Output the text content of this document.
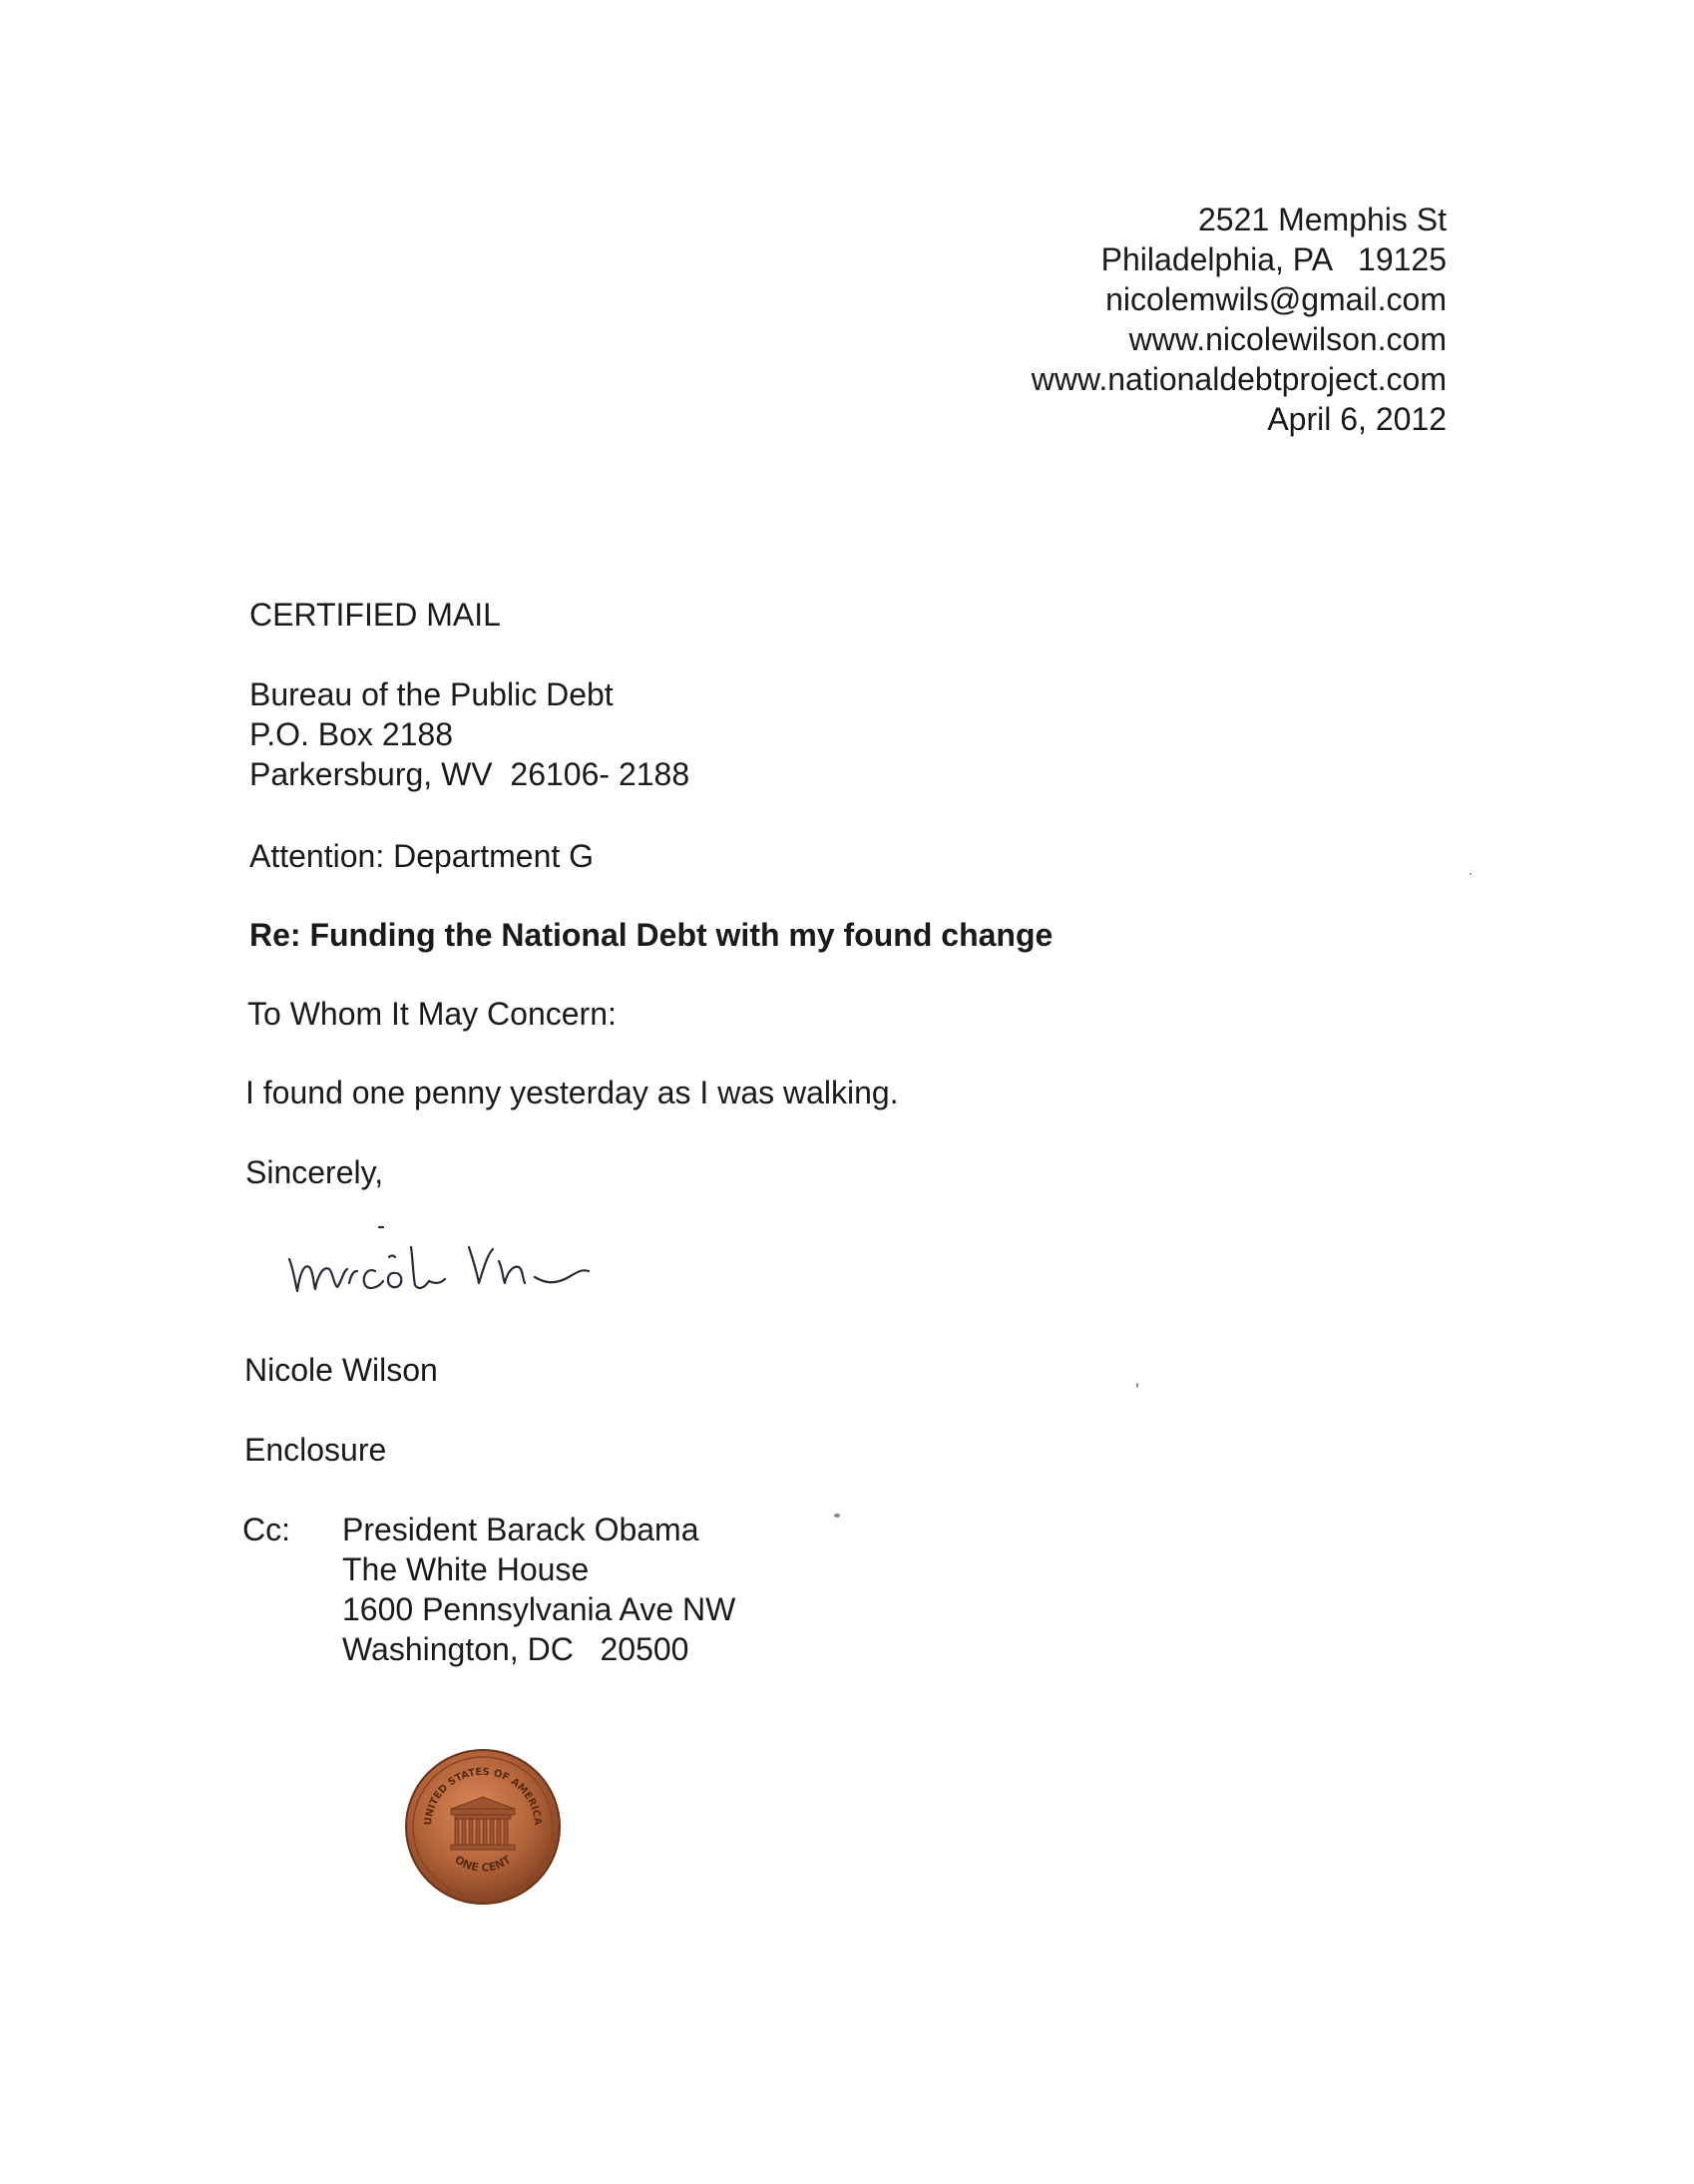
2521 Memphis St
Philadelphia, PA   19125
nicolemwils@gmail.com
www.nicolewilson.com
www.nationaldebtproject.com
April 6, 2012
CERTIFIED MAIL
Bureau of the Public Debt
P.O. Box 2188
Parkersburg, WV  26106- 2188
Attention: Department G
Re: Funding the National Debt with my found change
To Whom It May Concern:
I found one penny yesterday as I was walking.
Sincerely,
Nicole Wilson
Enclosure
Cc: President Barack Obama
The White House
1600 Pennsylvania Ave NW
Washington, DC   20500
UNITED STATES OF AMERICA
ONE CENT
